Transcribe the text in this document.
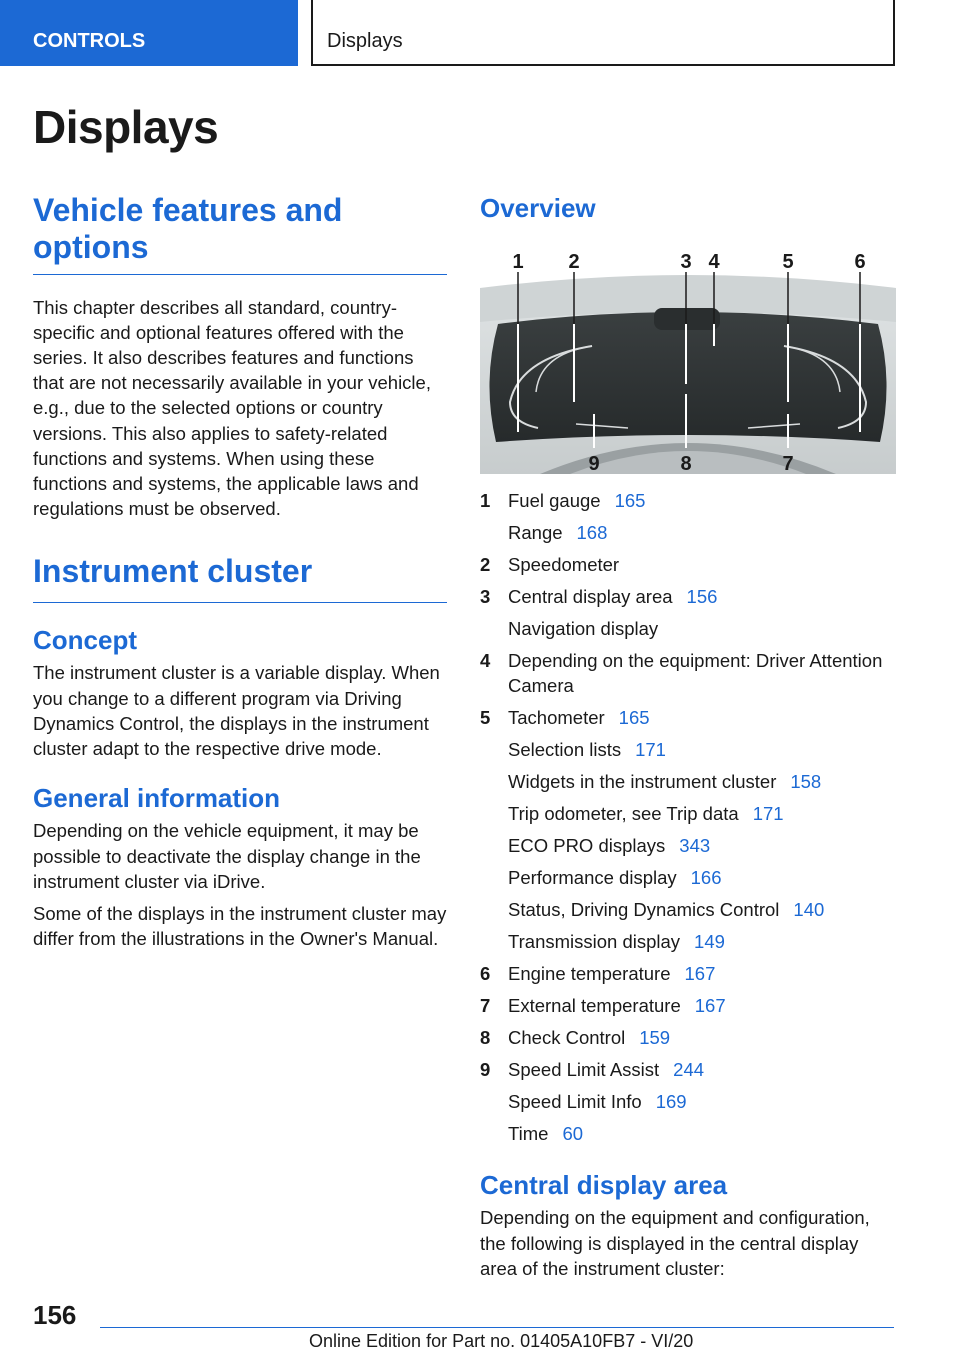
CONTROLS	Displays
Displays
Vehicle features and options

This chapter describes all standard, country-specific and optional features offered with the series. It also describes features and functions that are not necessarily available in your vehicle, e.g., due to the selected options or country versions. This also applies to safety-related functions and systems. When using these functions and systems, the applicable laws and regulations must be observed.

Instrument cluster
Concept

The instrument cluster is a variable display. When you change to a different program via Driving Dynamics Control, the displays in the instrument cluster adapt to the respective drive mode.

General information

Depending on the vehicle equipment, it may be possible to deactivate the display change in the instrument cluster via iDrive.

Some of the displays in the instrument cluster may differ from the illustrations in the Owner's Manual.

Overview
1 2	3 4	5	6
7
8
9
1 Fuel gauge 165
Range 168
2 Speedometer
3 Central display area 156
Navigation display
4 Depending on the equipment: Driver Attention Camera
5 Tachometer 165
Selection lists 171
Widgets in the instrument cluster 158
Trip odometer, see Trip data 171
ECO PRO displays 343
Performance display 166
Status, Driving Dynamics Control 140
Transmission display 149
6 Engine temperature 167
7 External temperature 167
8 Check Control 159
9 Speed Limit Assist 244
Speed Limit Info 169
Time 60
Central display area

Depending on the equipment and configuration, the following is displayed in the central display area of the instrument cluster:

156
Online Edition for Part no. 01405A10FB7 - VI/20
